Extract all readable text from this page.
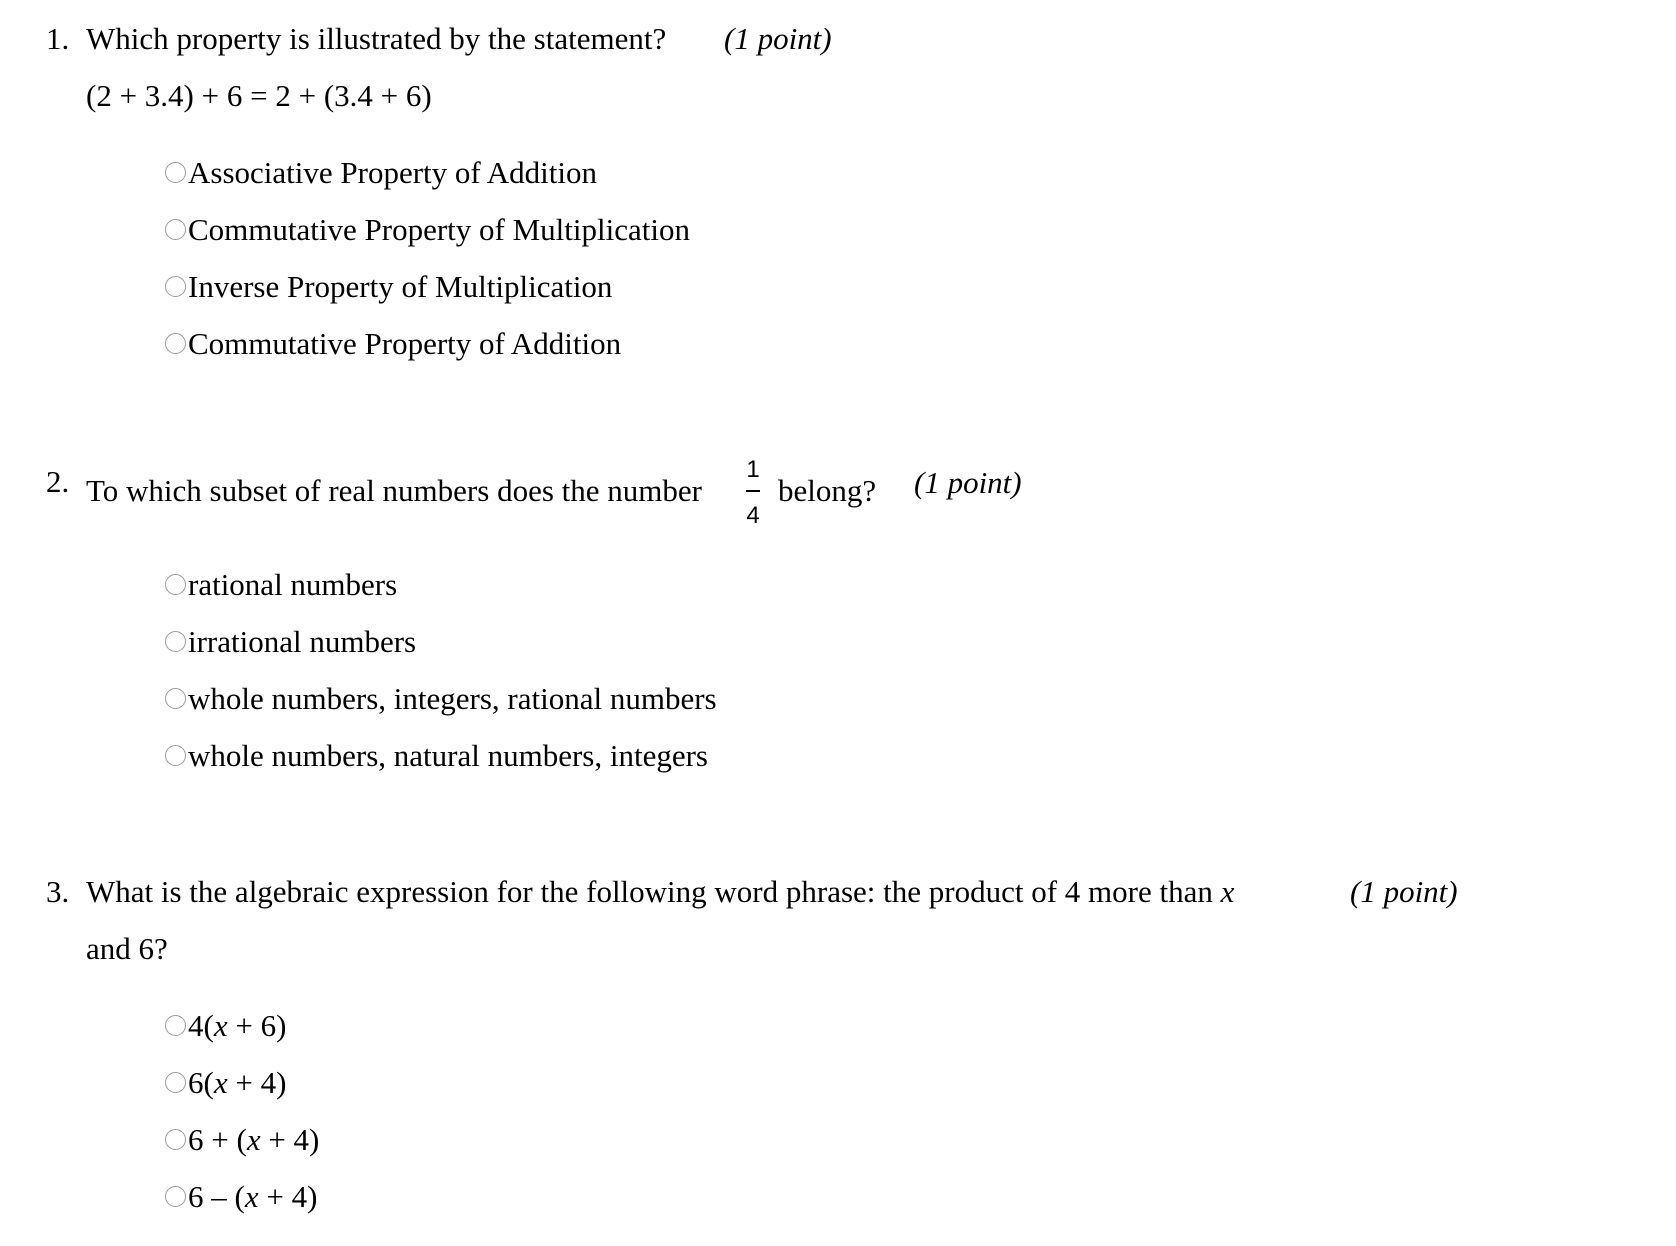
1. Which property is illustrated by the statement? (1 point)
(2 + 3.4) + 6 = 2 + (3.4 + 6)
Associative Property of Addition
Commutative Property of Multiplication
Inverse Property of Multiplication
Commutative Property of Addition
2. To which subset of real numbers does the number
1
4
belong? (1 point)
rational numbers
irrational numbers
whole numbers, integers, rational numbers
whole numbers, natural numbers, integers
3. What is the algebraic expression for the following word phrase: the product of 4 more than x	(1 point)
and 6?
4(x + 6)
6(x + 4)
6 + (x + 4)
6 – (x + 4)
